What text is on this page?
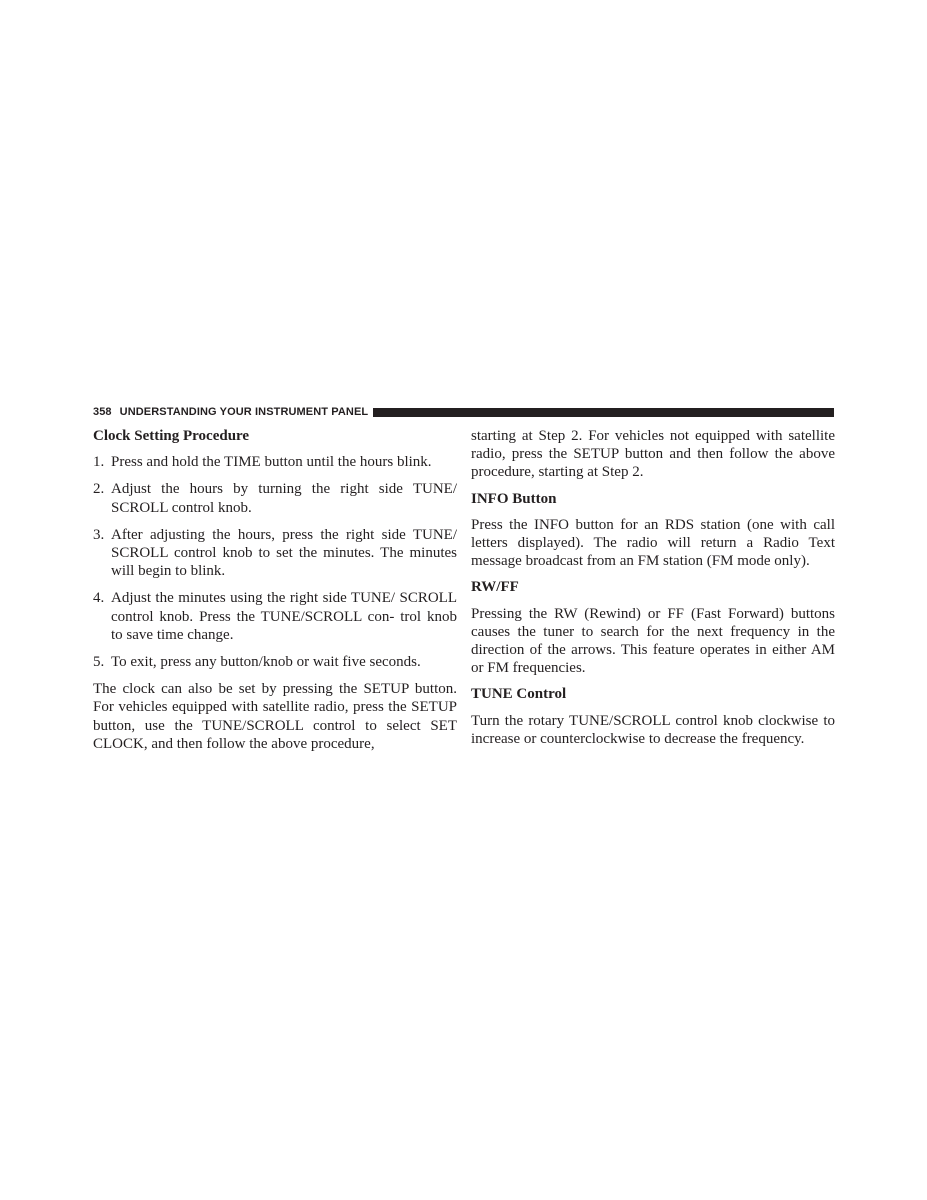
358 UNDERSTANDING YOUR INSTRUMENT PANEL
Clock Setting Procedure
1. Press and hold the TIME button until the hours blink.
2. Adjust the hours by turning the right side TUNE/ SCROLL control knob.
3. After adjusting the hours, press the right side TUNE/ SCROLL control knob to set the minutes. The minutes will begin to blink.
4. Adjust the minutes using the right side TUNE/ SCROLL control knob. Press the TUNE/SCROLL con- trol knob to save time change.
5. To exit, press any button/knob or wait five seconds.

The clock can also be set by pressing the SETUP button. For vehicles equipped with satellite radio, press the SETUP button, use the TUNE/SCROLL control to select SET CLOCK, and then follow the above procedure,

starting at Step 2. For vehicles not equipped with satellite radio, press the SETUP button and then follow the above procedure, starting at Step 2.

INFO Button

Press the INFO button for an RDS station (one with call letters displayed). The radio will return a Radio Text message broadcast from an FM station (FM mode only).

RW/FF

Pressing the RW (Rewind) or FF (Fast Forward) buttons causes the tuner to search for the next frequency in the direction of the arrows. This feature operates in either AM or FM frequencies.

TUNE Control

Turn the rotary TUNE/SCROLL control knob clockwise to increase or counterclockwise to decrease the frequency.
